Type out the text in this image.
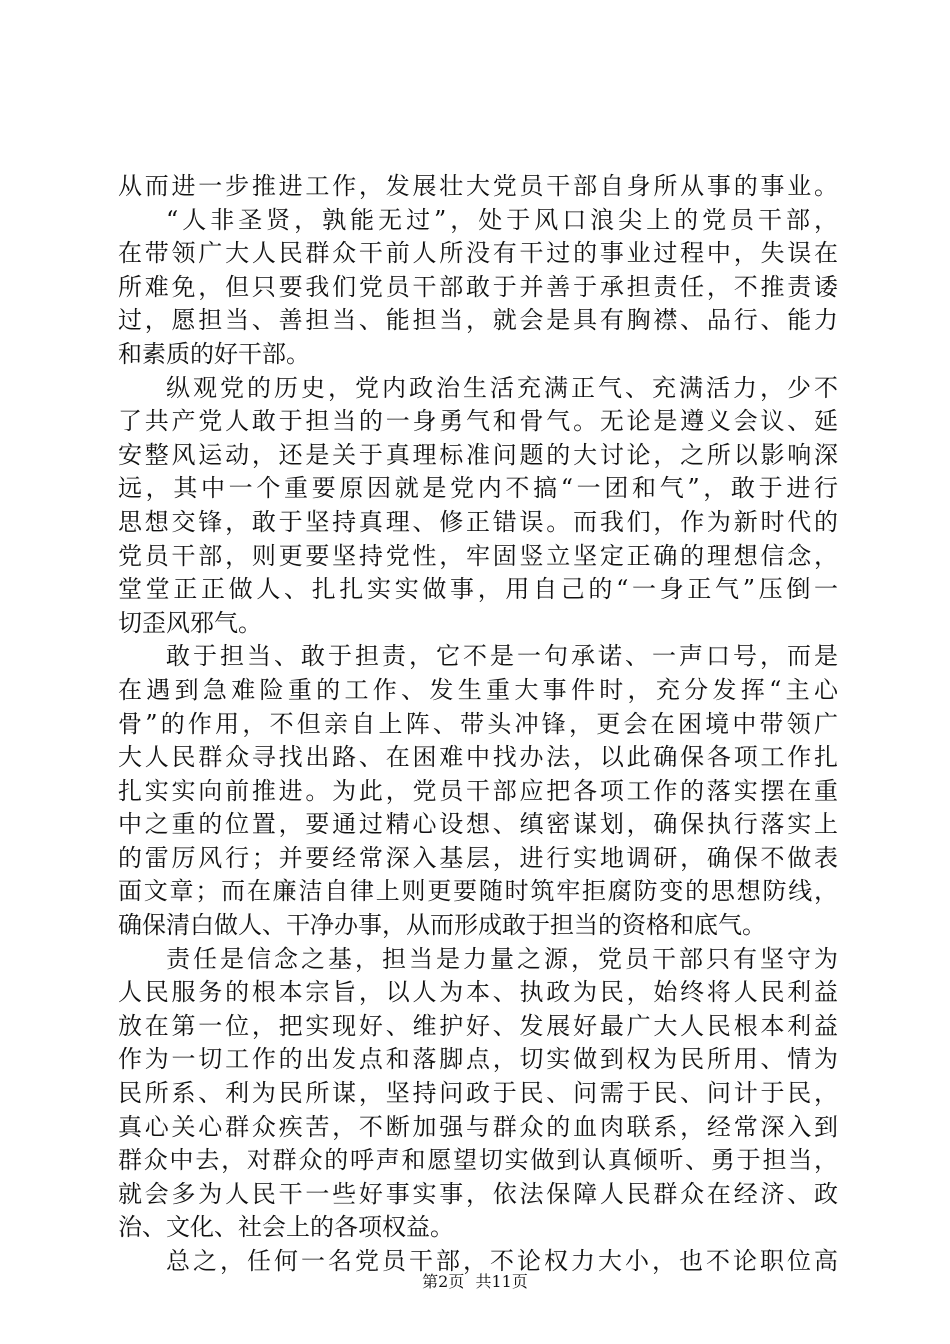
从而进一步推进工作，发展壮大党员干部自身所从事的事业。
“人非圣贤，孰能无过”，处于风口浪尖上的党员干部，
在带领广大人民群众干前人所没有干过的事业过程中，失误在
所难免，但只要我们党员干部敢于并善于承担责任，不推责诿
过，愿担当、善担当、能担当，就会是具有胸襟、品行、能力
和素质的好干部。
纵观党的历史，党内政治生活充满正气、充满活力，少不
了共产党人敢于担当的一身勇气和骨气。无论是遵义会议、延
安整风运动，还是关于真理标准问题的大讨论，之所以影响深
远，其中一个重要原因就是党内不搞“一团和气”，敢于进行
思想交锋，敢于坚持真理、修正错误。而我们，作为新时代的
党员干部，则更要坚持党性，牢固竖立坚定正确的理想信念，
堂堂正正做人、扎扎实实做事，用自己的“一身正气”压倒一
切歪风邪气。
敢于担当、敢于担责，它不是一句承诺、一声口号，而是
在遇到急难险重的工作、发生重大事件时，充分发挥“主心
骨”的作用，不但亲自上阵、带头冲锋，更会在困境中带领广
大人民群众寻找出路、在困难中找办法，以此确保各项工作扎
扎实实向前推进。为此，党员干部应把各项工作的落实摆在重
中之重的位置，要通过精心设想、缜密谋划，确保执行落实上
的雷厉风行；并要经常深入基层，进行实地调研，确保不做表
面文章；而在廉洁自律上则更要随时筑牢拒腐防变的思想防线，
确保清白做人、干净办事，从而形成敢于担当的资格和底气。
责任是信念之基，担当是力量之源，党员干部只有坚守为
人民服务的根本宗旨，以人为本、执政为民，始终将人民利益
放在第一位，把实现好、维护好、发展好最广大人民根本利益
作为一切工作的出发点和落脚点，切实做到权为民所用、情为
民所系、利为民所谋，坚持问政于民、问需于民、问计于民，
真心关心群众疾苦，不断加强与群众的血肉联系，经常深入到
群众中去，对群众的呼声和愿望切实做到认真倾听、勇于担当，
就会多为人民干一些好事实事，依法保障人民群众在经济、政
治、文化、社会上的各项权益。
总之，任何一名党员干部，不论权力大小，也不论职位高
第2页 共11页
